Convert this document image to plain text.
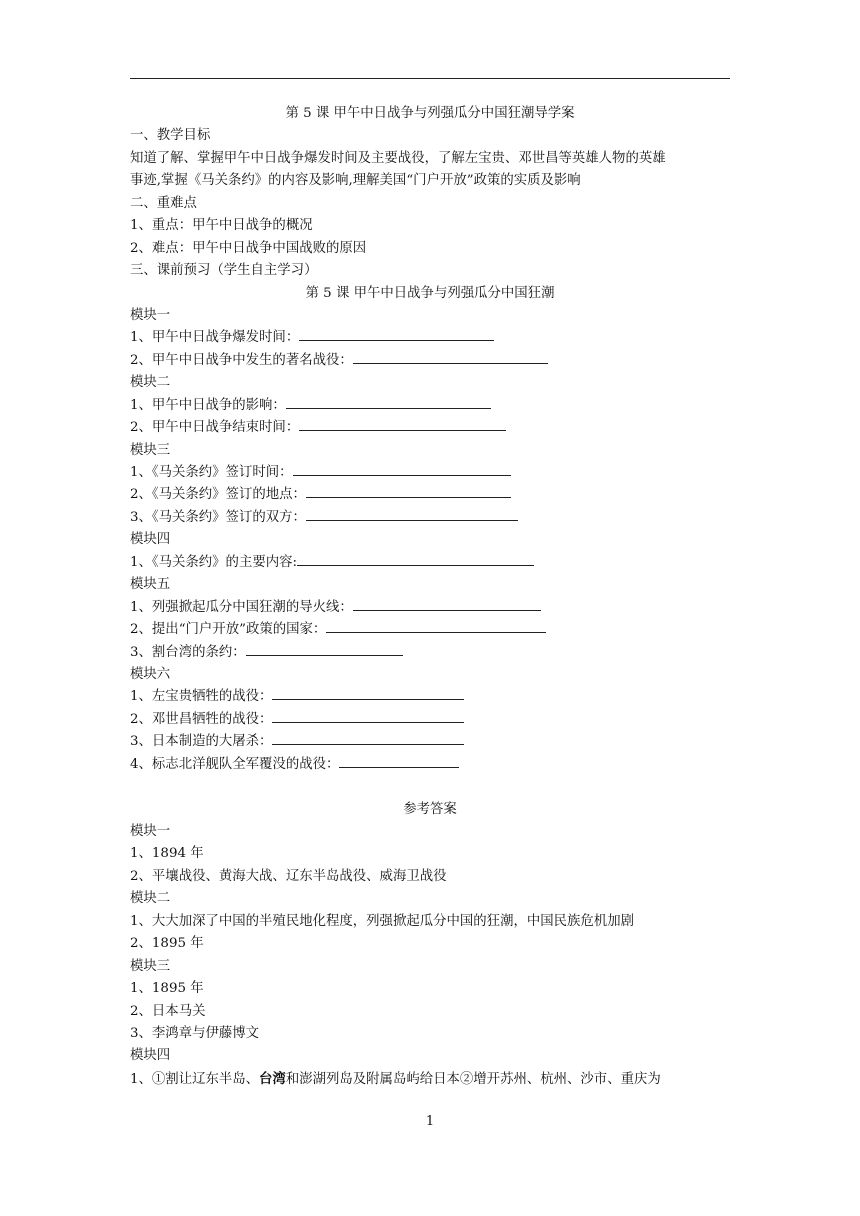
第 5 课 甲午中日战争与列强瓜分中国狂潮导学案
一、教学目标
知道了解、掌握甲午中日战争爆发时间及主要战役，了解左宝贵、邓世昌等英雄人物的英雄
事迹,掌握《马关条约》的内容及影响,理解美国“门户开放”政策的实质及影响
二、重难点
1、重点：甲午中日战争的概况
2、难点：甲午中日战争中国战败的原因
三、课前预习（学生自主学习）
第 5 课 甲午中日战争与列强瓜分中国狂潮
模块一
1、甲午中日战争爆发时间：
2、甲午中日战争中发生的著名战役：
模块二
1、甲午中日战争的影响：
2、甲午中日战争结束时间：
模块三
1、《马关条约》签订时间：
2、《马关条约》签订的地点：
3、《马关条约》签订的双方：
模块四
1、《马关条约》的主要内容:
模块五
1、列强掀起瓜分中国狂潮的导火线：
2、提出“门户开放”政策的国家：
3、割台湾的条约：
模块六
1、左宝贵牺牲的战役：
2、邓世昌牺牲的战役：
3、日本制造的大屠杀：
4、标志北洋舰队全军覆没的战役：
参考答案
模块一
1、1894 年
2、平壤战役、黄海大战、辽东半岛战役、威海卫战役
模块二
1、大大加深了中国的半殖民地化程度，列强掀起瓜分中国的狂潮，中国民族危机加剧
2、1895 年
模块三
1、1895 年
2、日本马关
3、李鸿章与伊藤博文
模块四
1、①割让辽东半岛、台湾和澎湖列岛及附属岛屿给日本②增开苏州、杭州、沙市、重庆为
1
